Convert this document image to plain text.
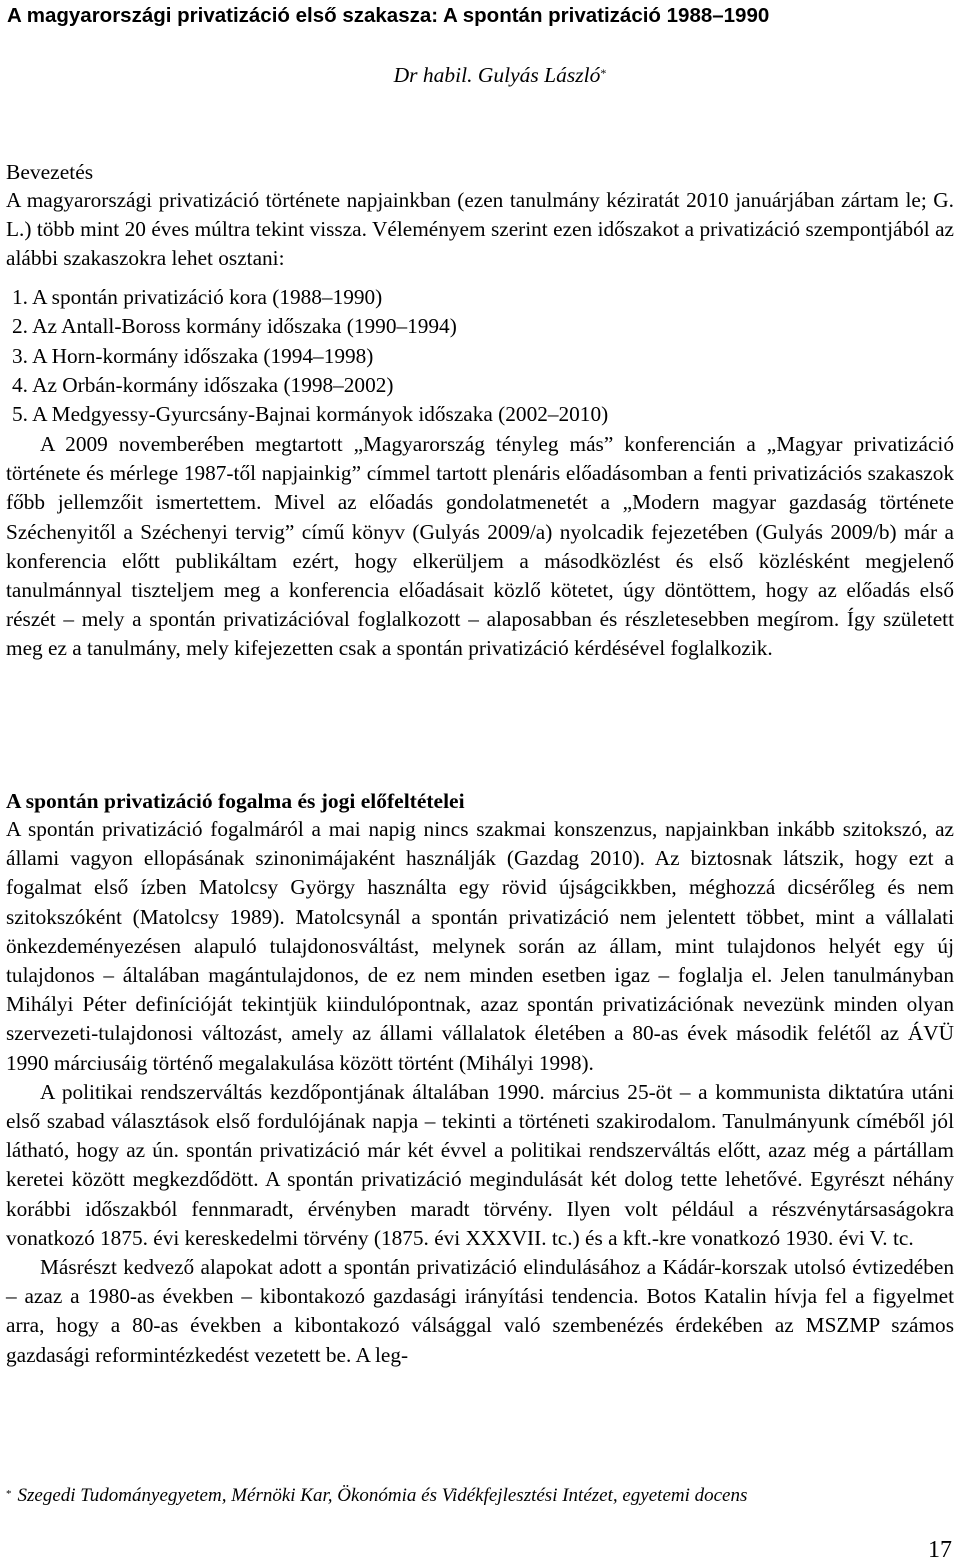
A magyarországi privatizáció első szakasza: A spontán privatizáció 1988–1990
Dr habil. Gulyás László*
Bevezetés
A magyarországi privatizáció története napjainkban (ezen tanulmány kéziratát 2010 januárjában zártam le; G. L.) több mint 20 éves múltra tekint vissza. Véleményem szerint ezen időszakot a privatizáció szempontjából az alábbi szakaszokra lehet osztani:
1. A spontán privatizáció kora (1988–1990)
2. Az Antall-Boross kormány időszaka (1990–1994)
3. A Horn-kormány időszaka (1994–1998)
4. Az Orbán-kormány időszaka (1998–2002)
5. A Medgyessy-Gyurcsány-Bajnai kormányok időszaka (2002–2010)
A 2009 novemberében megtartott „Magyarország tényleg más” konferencián a „Magyar privatizáció története és mérlege 1987-től napjainkig” címmel tartott plenáris előadásomban a fenti privatizációs szakaszok főbb jellemzőit ismertettem. Mivel az előadás gondolatmenetét a „Modern magyar gazdaság története Széchenyitől a Széchenyi tervig” című könyv (Gulyás 2009/a) nyolcadik fejezetében (Gulyás 2009/b) már a konferencia előtt publikáltam ezért, hogy elkerüljem a másodközlést és első közlésként megjelenő tanulmánnyal tiszteljem meg a konferencia előadásait közlő kötetet, úgy döntöttem, hogy az előadás első részét – mely a spontán privatizációval foglalkozott – alaposabban és részletesebben megírom. Így született meg ez a tanulmány, mely kifejezetten csak a spontán privatizáció kérdésével foglalkozik.
A spontán privatizáció fogalma és jogi előfeltételei

A spontán privatizáció fogalmáról a mai napig nincs szakmai konszenzus, napjainkban inkább szitokszó, az állami vagyon ellopásának szinonimájaként használják (Gazdag 2010). Az biztosnak látszik, hogy ezt a fogalmat első ízben Matolcsy György használta egy rövid újságcikkben, méghozzá dicsérőleg és nem szitokszóként (Matolcsy 1989). Matolcsynál a spontán privatizáció nem jelentett többet, mint a vállalati önkezdeményezésen alapuló tulajdonosváltást, melynek során az állam, mint tulajdonos helyét egy új tulajdonos – általában magántulajdonos, de ez nem minden esetben igaz – foglalja el. Jelen tanulmányban Mihályi Péter definícióját tekintjük kiindulópontnak, azaz spontán privatizációnak nevezünk minden olyan szervezeti-tulajdonosi változást, amely az állami vállalatok életében a 80-as évek második felétől az ÁVÜ 1990 márciusáig történő megalakulása között történt (Mihályi 1998).

A politikai rendszerváltás kezdőpontjának általában 1990. március 25-öt – a kommunista diktatúra utáni első szabad választások első fordulójának napja – tekinti a történeti szakirodalom. Tanulmányunk címéből jól látható, hogy az ún. spontán privatizáció már két évvel a politikai rendszerváltás előtt, azaz még a pártállam keretei között megkezdődött. A spontán privatizáció megindulását két dolog tette lehetővé. Egyrészt néhány korábbi időszakból fennmaradt, érvényben maradt törvény. Ilyen volt például a részvénytársaságokra vonatkozó 1875. évi kereskedelmi törvény (1875. évi XXXVII. tc.) és a kft.-kre vonatkozó 1930. évi V. tc.

Másrészt kedvező alapokat adott a spontán privatizáció elindulásához a Kádár-korszak utolsó évtizedében – azaz a 1980-as években – kibontakozó gazdasági irányítási tendencia. Botos Katalin hívja fel a figyelmet arra, hogy a 80-as években a kibontakozó válsággal való szembenézés érdekében az MSZMP számos gazdasági reformintézkedést vezetett be. A leg-

* Szegedi Tudományegyetem, Mérnöki Kar, Ökonómia és Vidékfejlesztési Intézet, egyetemi docens
17
